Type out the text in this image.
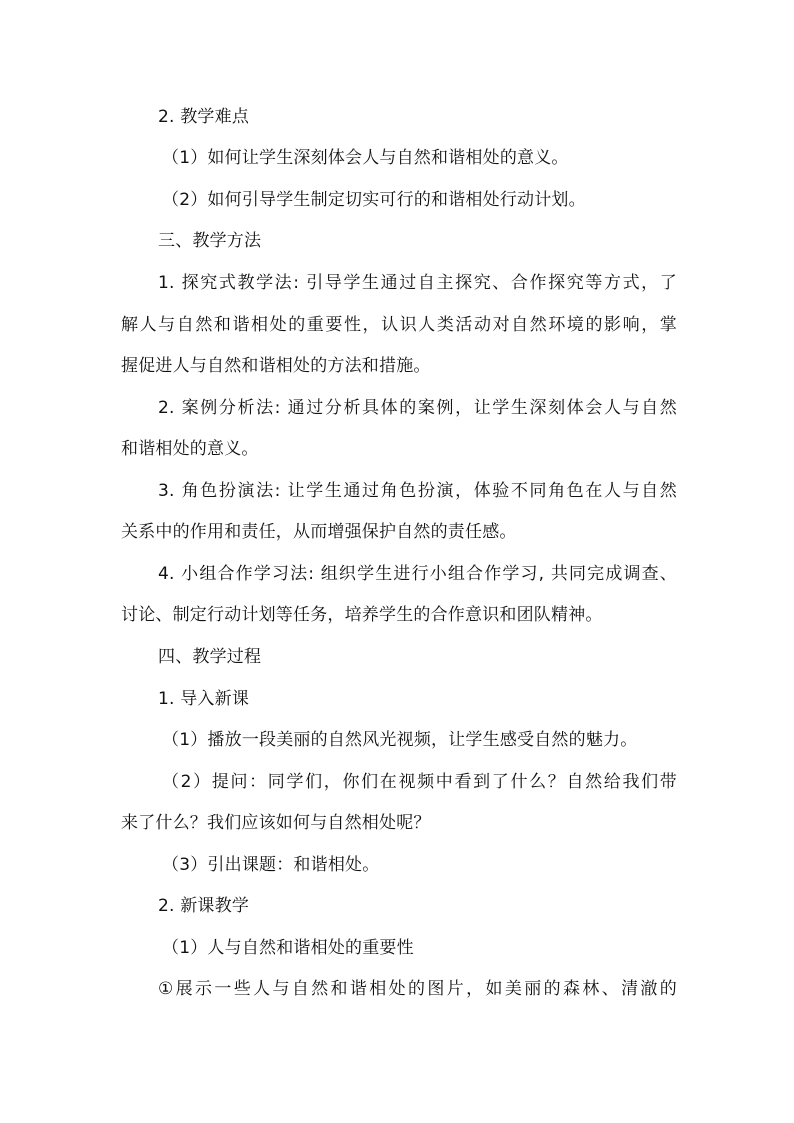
2. 教学难点
（1）如何让学生深刻体会人与自然和谐相处的意义。
（2）如何引导学生制定切实可行的和谐相处行动计划。
三、教学方法
1. 探究式教学法: 引导学生通过自主探究、合作探究等方式，了
解人与自然和谐相处的重要性，认识人类活动对自然环境的影响，掌
握促进人与自然和谐相处的方法和措施。
2. 案例分析法: 通过分析具体的案例，让学生深刻体会人与自然
和谐相处的意义。
3. 角色扮演法: 让学生通过角色扮演，体验不同角色在人与自然
关系中的作用和责任，从而增强保护自然的责任感。
4. 小组合作学习法: 组织学生进行小组合作学习, 共同完成调查、
讨论、制定行动计划等任务，培养学生的合作意识和团队精神。
四、教学过程
1. 导入新课
（1）播放一段美丽的自然风光视频，让学生感受自然的魅力。
（2）提问：同学们，你们在视频中看到了什么？自然给我们带
来了什么？我们应该如何与自然相处呢？
（3）引出课题：和谐相处。
2. 新课教学
（1）人与自然和谐相处的重要性
①展示一些人与自然和谐相处的图片，如美丽的森林、清澈的
